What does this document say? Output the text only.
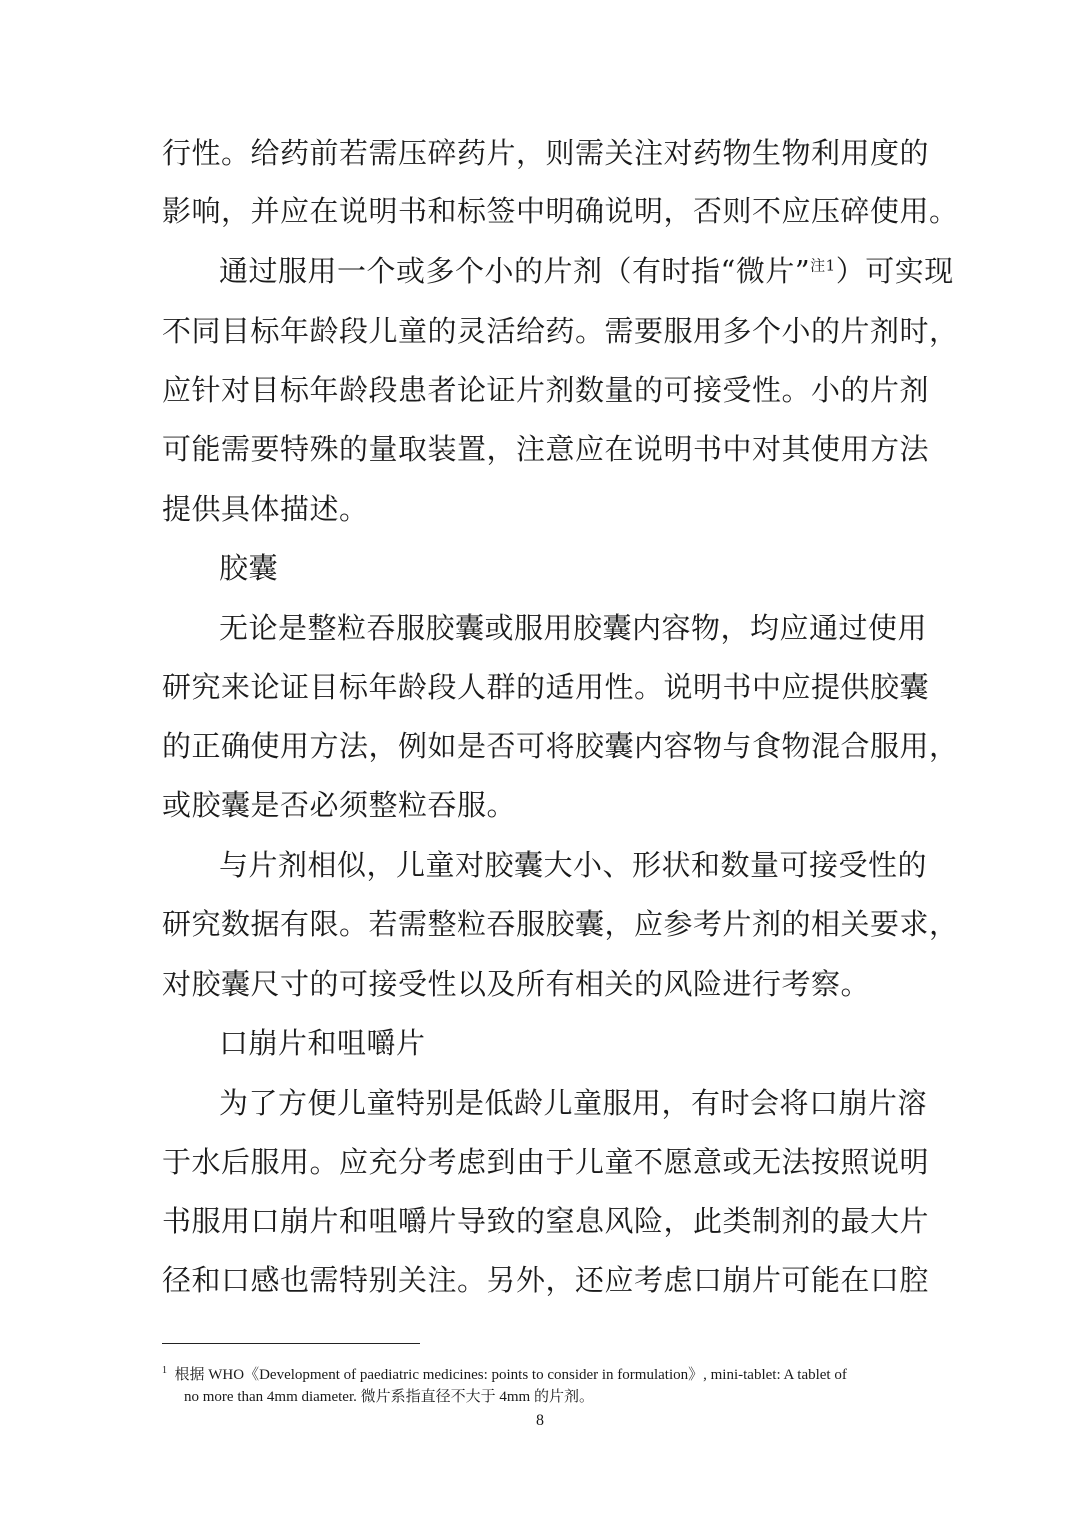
行性。给药前若需压碎药片，则需关注对药物生物利用度的
影响，并应在说明书和标签中明确说明，否则不应压碎使用。
通过服用一个或多个小的片剂（有时指“微片”$^{注1}$）可实现
不同目标年龄段儿童的灵活给药。需要服用多个小的片剂时，
应针对目标年龄段患者论证片剂数量的可接受性。小的片剂
可能需要特殊的量取装置，注意应在说明书中对其使用方法
提供具体描述。
胶囊
无论是整粒吞服胶囊或服用胶囊内容物，均应通过使用
研究来论证目标年龄段人群的适用性。说明书中应提供胶囊
的正确使用方法，例如是否可将胶囊内容物与食物混合服用，
或胶囊是否必须整粒吞服。
与片剂相似，儿童对胶囊大小、形状和数量可接受性的
研究数据有限。若需整粒吞服胶囊，应参考片剂的相关要求，
对胶囊尺寸的可接受性以及所有相关的风险进行考察。
口崩片和咀嚼片
为了方便儿童特别是低龄儿童服用，有时会将口崩片溶
于水后服用。应充分考虑到由于儿童不愿意或无法按照说明
书服用口崩片和咀嚼片导致的窒息风险，此类制剂的最大片
径和口感也需特别关注。另外，还应考虑口崩片可能在口腔
$^1$ 根据 WHO《Development of paediatric medicines: points to consider in formulation》, mini-tablet: A tablet of
no more than 4mm diameter. 微片系指直径不大于 4mm 的片剂。
8
